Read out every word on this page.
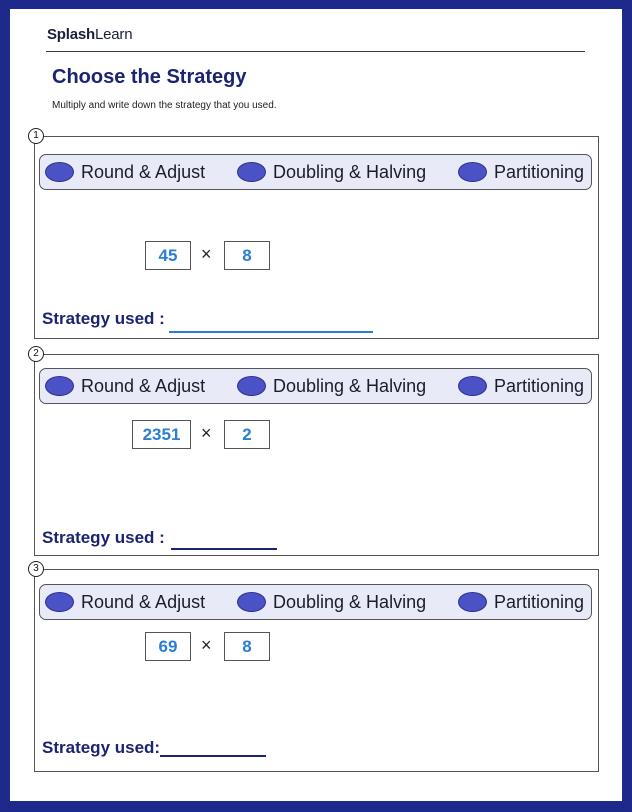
SplashLearn
Choose the Strategy
Multiply and write down the strategy that you used.
1
Round & Adjust	Doubling & Halving	Partitioning
45	×	8
Strategy used :
2
Round & Adjust	Doubling & Halving	Partitioning
2351	×	2
Strategy used :
3
Round & Adjust	Doubling & Halving	Partitioning
69	×	8
Strategy used:
